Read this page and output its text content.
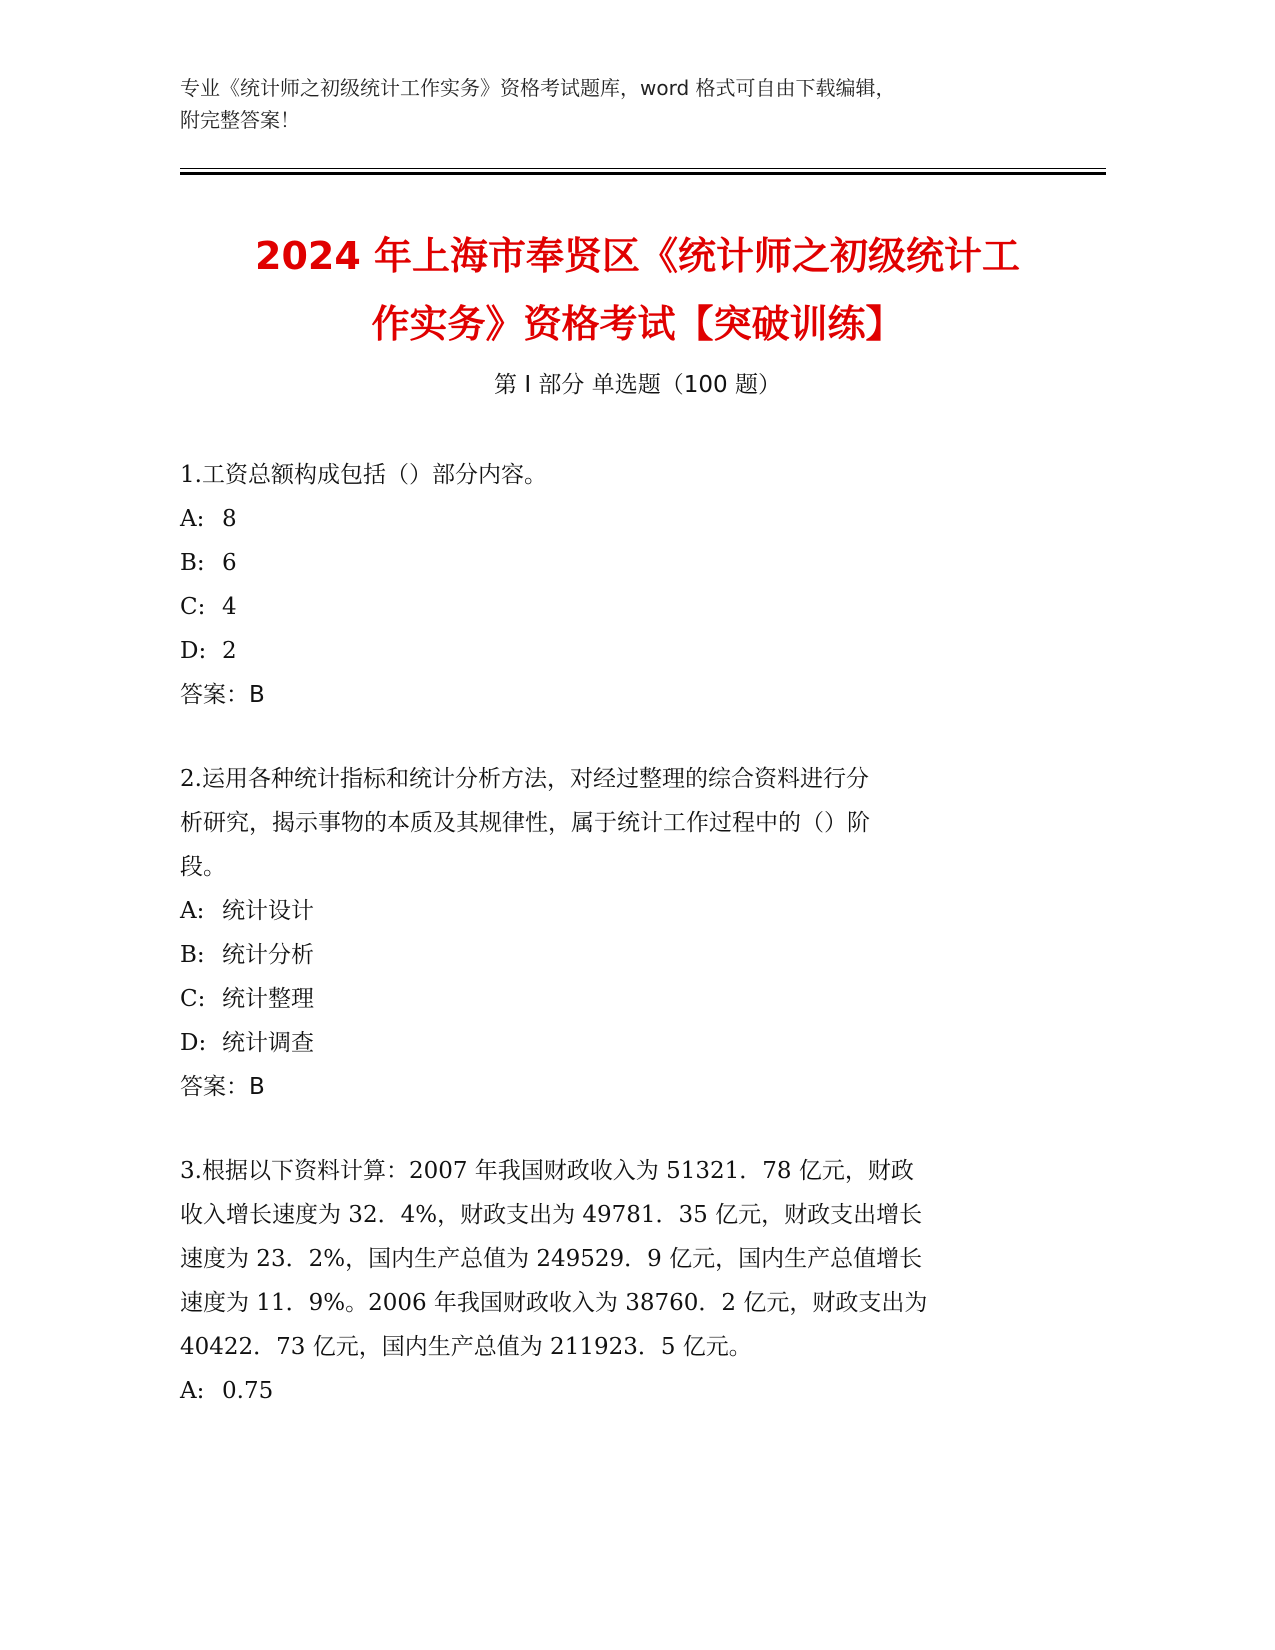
专业《统计师之初级统计工作实务》资格考试题库，word 格式可自由下载编辑，
附完整答案！
2024 年上海市奉贤区《统计师之初级统计工
作实务》资格考试【突破训练】
第 I 部分 单选题（100 题）

1.工资总额构成包括（）部分内容。

A: 8

B: 6

C: 4

D: 2

答案：B

2.运用各种统计指标和统计分析方法，对经过整理的综合资料进行分

析研究，揭示事物的本质及其规律性，属于统计工作过程中的（）阶

段。

A: 统计设计

B: 统计分析

C: 统计整理

D: 统计调查

答案：B

3.根据以下资料计算：2007 年我国财政收入为 51321．78 亿元，财政

收入增长速度为 32．4%，财政支出为 49781．35 亿元，财政支出增长

速度为 23．2%，国内生产总值为 249529．9 亿元，国内生产总值增长

速度为 11．9%。2006 年我国财政收入为 38760．2 亿元，财政支出为

40422．73 亿元，国内生产总值为 211923．5 亿元。

A: 0.75
